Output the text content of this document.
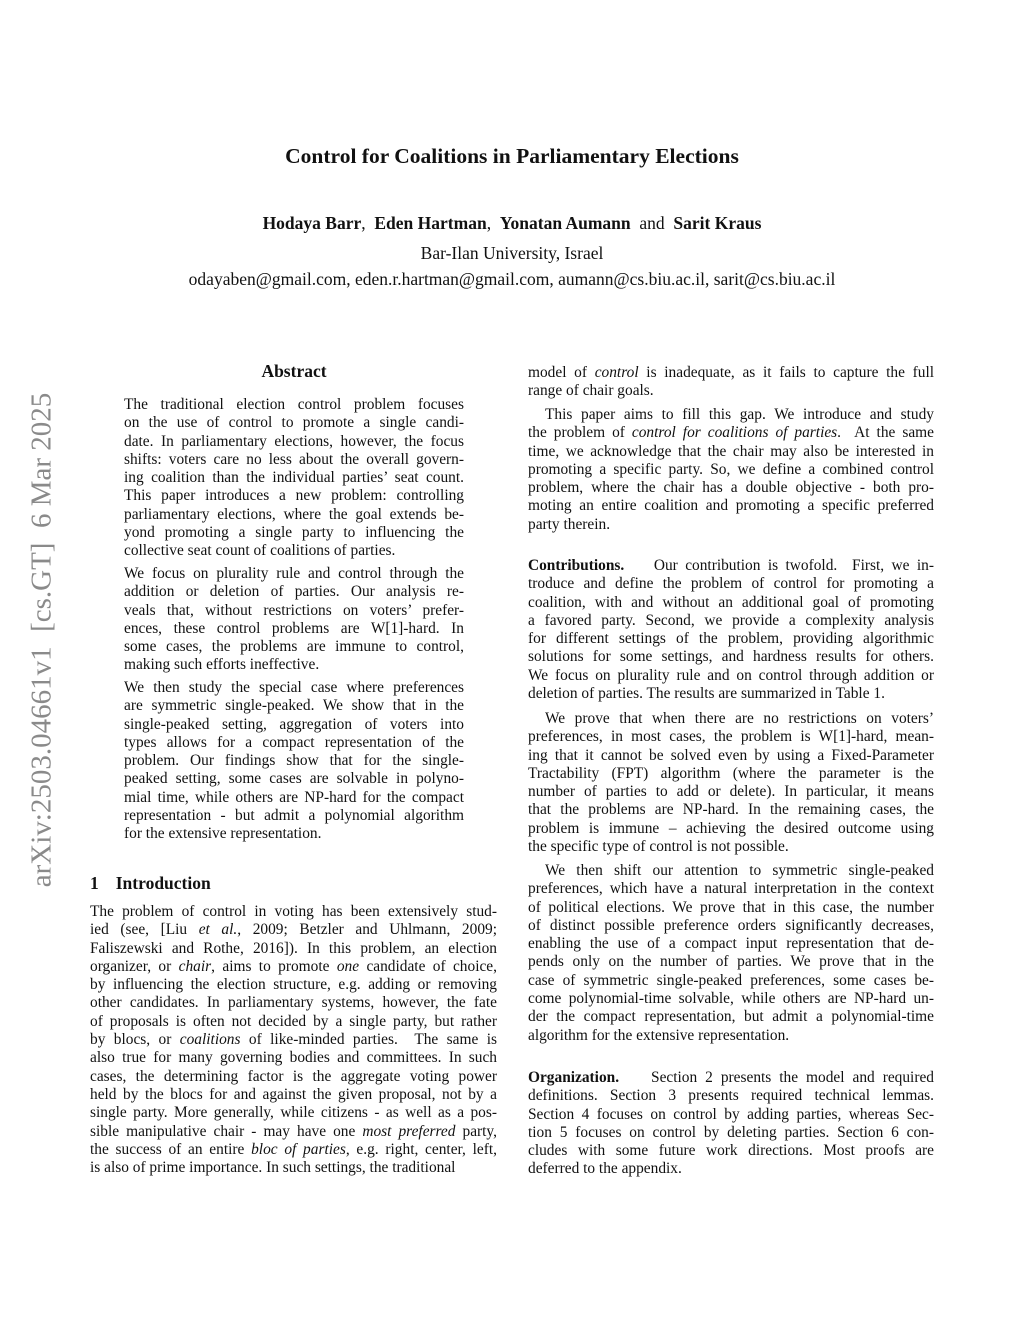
arXiv:2503.04661v1  [cs.GT]  6 Mar 2025
Control for Coalitions in Parliamentary Elections
Hodaya Barr, Eden Hartman, Yonatan Aumann and Sarit Kraus
Bar-Ilan University, Israel
odayaben@gmail.com, eden.r.hartman@gmail.com, aumann@cs.biu.ac.il, sarit@cs.biu.ac.il
Abstract
1 Introduction
The traditional election control problem focuses
on the use of control to promote a single candi-
date. In parliamentary elections, however, the focus
shifts: voters care no less about the overall govern-
ing coalition than the individual parties’ seat count.
This paper introduces a new problem: controlling
parliamentary elections, where the goal extends be-
yond promoting a single party to influencing the
collective seat count of coalitions of parties.
We focus on plurality rule and control through the
addition or deletion of parties. Our analysis re-
veals that, without restrictions on voters’ prefer-
ences, these control problems are W[1]-hard. In
some cases, the problems are immune to control,
making such efforts ineffective.
We then study the special case where preferences
are symmetric single-peaked. We show that in the
single-peaked setting, aggregation of voters into
types allows for a compact representation of the
problem. Our findings show that for the single-
peaked setting, some cases are solvable in polyno-
mial time, while others are NP-hard for the compact
representation - but admit a polynomial algorithm
for the extensive representation.
The problem of control in voting has been extensively stud-
ied (see, [Liu et al., 2009; Betzler and Uhlmann, 2009;
Faliszewski and Rothe, 2016]). In this problem, an election
organizer, or chair, aims to promote one candidate of choice,
by influencing the election structure, e.g. adding or removing
other candidates. In parliamentary systems, however, the fate
of proposals is often not decided by a single party, but rather
by blocs, or coalitions of like-minded parties.  The same is
also true for many governing bodies and committees. In such
cases, the determining factor is the aggregate voting power
held by the blocs for and against the given proposal, not by a
single party. More generally, while citizens - as well as a pos-
sible manipulative chair - may have one most preferred party,
the success of an entire bloc of parties, e.g. right, center, left,
is also of prime importance. In such settings, the traditional
model of control is inadequate, as it fails to capture the full
range of chair goals.
This paper aims to fill this gap. We introduce and study
the problem of control for coalitions of parties.  At the same
time, we acknowledge that the chair may also be interested in
promoting a specific party. So, we define a combined control
problem, where the chair has a double objective - both pro-
moting an entire coalition and promoting a specific preferred
party therein.
Contributions.    Our contribution is twofold.  First, we in-
troduce and define the problem of control for promoting a
coalition, with and without an additional goal of promoting
a favored party. Second, we provide a complexity analysis
for different settings of the problem, providing algorithmic
solutions for some settings, and hardness results for others.
We focus on plurality rule and on control through addition or
deletion of parties. The results are summarized in Table 1.
We prove that when there are no restrictions on voters’
preferences, in most cases, the problem is W[1]-hard, mean-
ing that it cannot be solved even by using a Fixed-Parameter
Tractability (FPT) algorithm (where the parameter is the
number of parties to add or delete). In particular, it means
that the problems are NP-hard. In the remaining cases, the
problem is immune – achieving the desired outcome using
the specific type of control is not possible.
We then shift our attention to symmetric single-peaked
preferences, which have a natural interpretation in the context
of political elections. We prove that in this case, the number
of distinct possible preference orders significantly decreases,
enabling the use of a compact input representation that de-
pends only on the number of parties. We prove that in the
case of symmetric single-peaked preferences, some cases be-
come polynomial-time solvable, while others are NP-hard un-
der the compact representation, but admit a polynomial-time
algorithm for the extensive representation.
Organization.    Section 2 presents the model and required
definitions. Section 3 presents required technical lemmas.
Section 4 focuses on control by adding parties, whereas Sec-
tion 5 focuses on control by deleting parties. Section 6 con-
cludes with some future work directions. Most proofs are
deferred to the appendix.
